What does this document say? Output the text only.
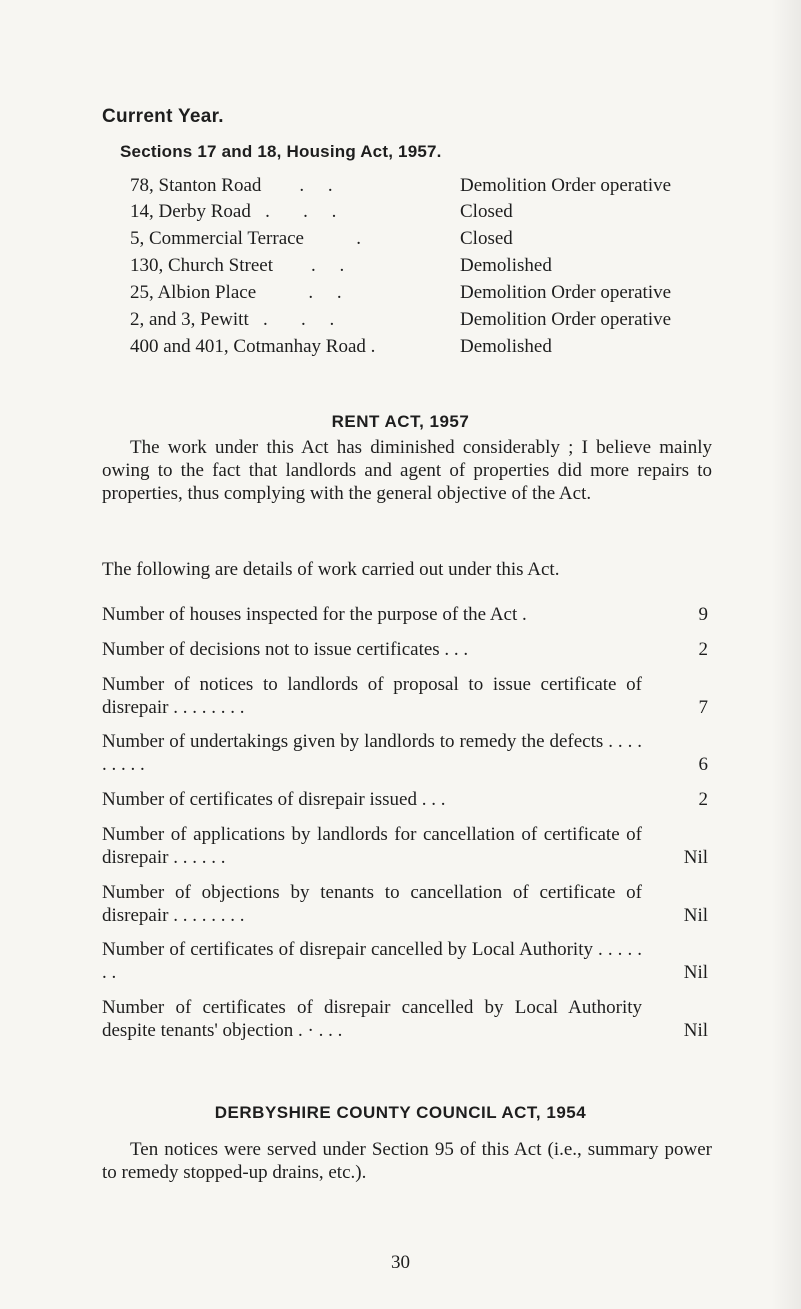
Current Year.
Sections 17 and 18, Housing Act, 1957.
78, Stanton Road        .     .	Demolition Order operative
14, Derby Road   .       .     .	Closed
5, Commercial Terrace           .	Closed
130, Church Street        .     .	Demolished
25, Albion Place           .     .	Demolition Order operative
2, and 3, Pewitt   .       .     .	Demolition Order operative
400 and 401, Cotmanhay Road .	Demolished
RENT ACT, 1957
The work under this Act has diminished considerably ; I believe mainly owing to the fact that landlords and agent of properties did more repairs to properties, thus complying with the general objective of the Act.
The following are details of work carried out under this Act.
Number of houses inspected for the purpose of the Act .	9
Number of decisions not to issue certificates . . .	2
Number of notices to landlords of proposal to issue certificate of disrepair . . . . . . . .	7
Number of undertakings given by landlords to remedy the defects . . . . . . . . .	6
Number of certificates of disrepair issued . . .	2
Number of applications by landlords for cancellation of certificate of disrepair . . . . . .	Nil
Number of objections by tenants to cancellation of certificate of disrepair . . . . . . . .	Nil
Number of certificates of disrepair cancelled by Local Authority . . . . . . .	Nil
Number of certificates of disrepair cancelled by Local Authority despite tenants' objection . · . . .	Nil
DERBYSHIRE COUNTY COUNCIL ACT, 1954
Ten notices were served under Section 95 of this Act (i.e., summary power to remedy stopped-up drains, etc.).
30
